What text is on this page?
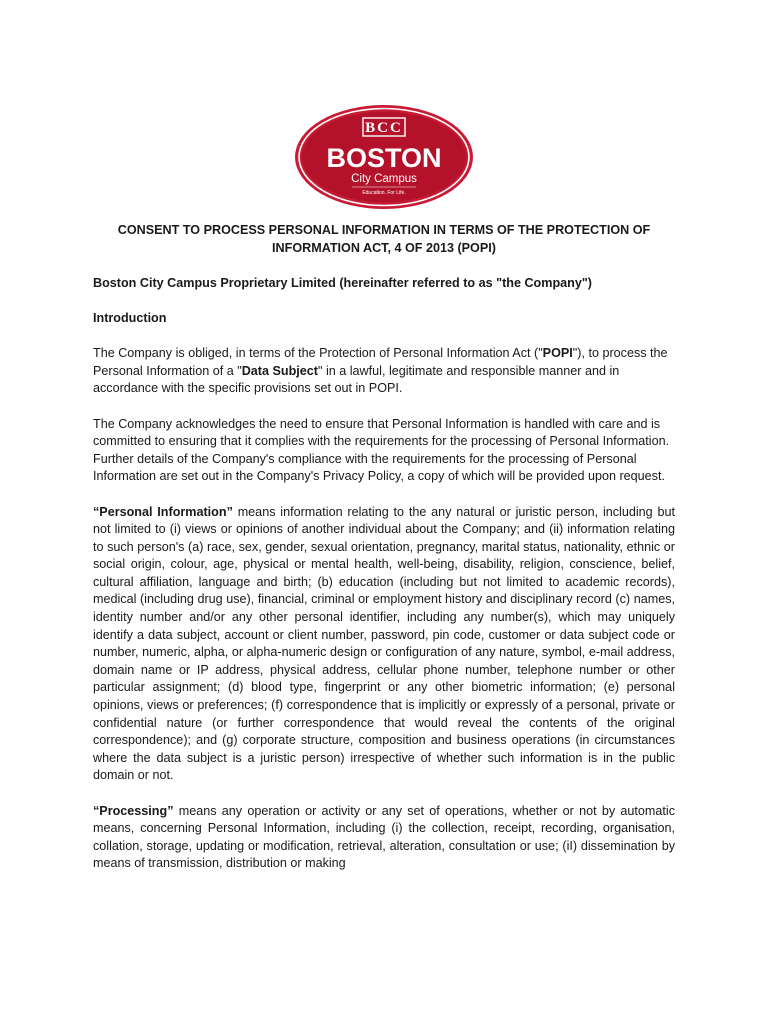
BCC
BOSTON
City Campus
Education. For Life.
CONSENT TO PROCESS PERSONAL INFORMATION IN TERMS OF THE PROTECTION OF
INFORMATION ACT, 4 OF 2013 (POPI)
Boston City Campus Proprietary Limited (hereinafter referred to as "the Company")
Introduction

The Company is obliged, in terms of the Protection of Personal Information Act ("POPI"), to process the Personal Information of a "Data Subject" in a lawful, legitimate and responsible manner and in accordance with the specific provisions set out in POPI.

The Company acknowledges the need to ensure that Personal Information is handled with care and is committed to ensuring that it complies with the requirements for the processing of Personal Information. Further details of the Company's compliance with the requirements for the processing of Personal Information are set out in the Company's Privacy Policy, a copy of which will be provided upon request.

“Personal Information” means information relating to the any natural or juristic person, including but not limited to (i) views or opinions of another individual about the Company; and (ii) information relating to such person's (a) race, sex, gender, sexual orientation, pregnancy, marital status, nationality, ethnic or social origin, colour, age, physical or mental health, well-being, disability, religion, conscience, belief, cultural affiliation, language and birth; (b) education (including but not limited to academic records), medical (including drug use), financial, criminal or employment history and disciplinary record (c) names, identity number and/or any other personal identifier, including any number(s), which may uniquely identify a data subject, account or client number, password, pin code, customer or data subject code or number, numeric, alpha, or alpha-numeric design or configuration of any nature, symbol, e-mail address, domain name or IP address, physical address, cellular phone number, telephone number or other particular assignment; (d) blood type, fingerprint or any other biometric information; (e) personal opinions, views or preferences; (f) correspondence that is implicitly or expressly of a personal, private or confidential nature (or further correspondence that would reveal the contents of the original correspondence); and (g) corporate structure, composition and business operations (in circumstances where the data subject is a juristic person) irrespective of whether such information is in the public domain or not.

“Processing” means any operation or activity or any set of operations, whether or not by automatic means, concerning Personal Information, including (i) the collection, receipt, recording, organisation, collation, storage, updating or modification, retrieval, alteration, consultation or use; (iI) dissemination by means of transmission, distribution or making
